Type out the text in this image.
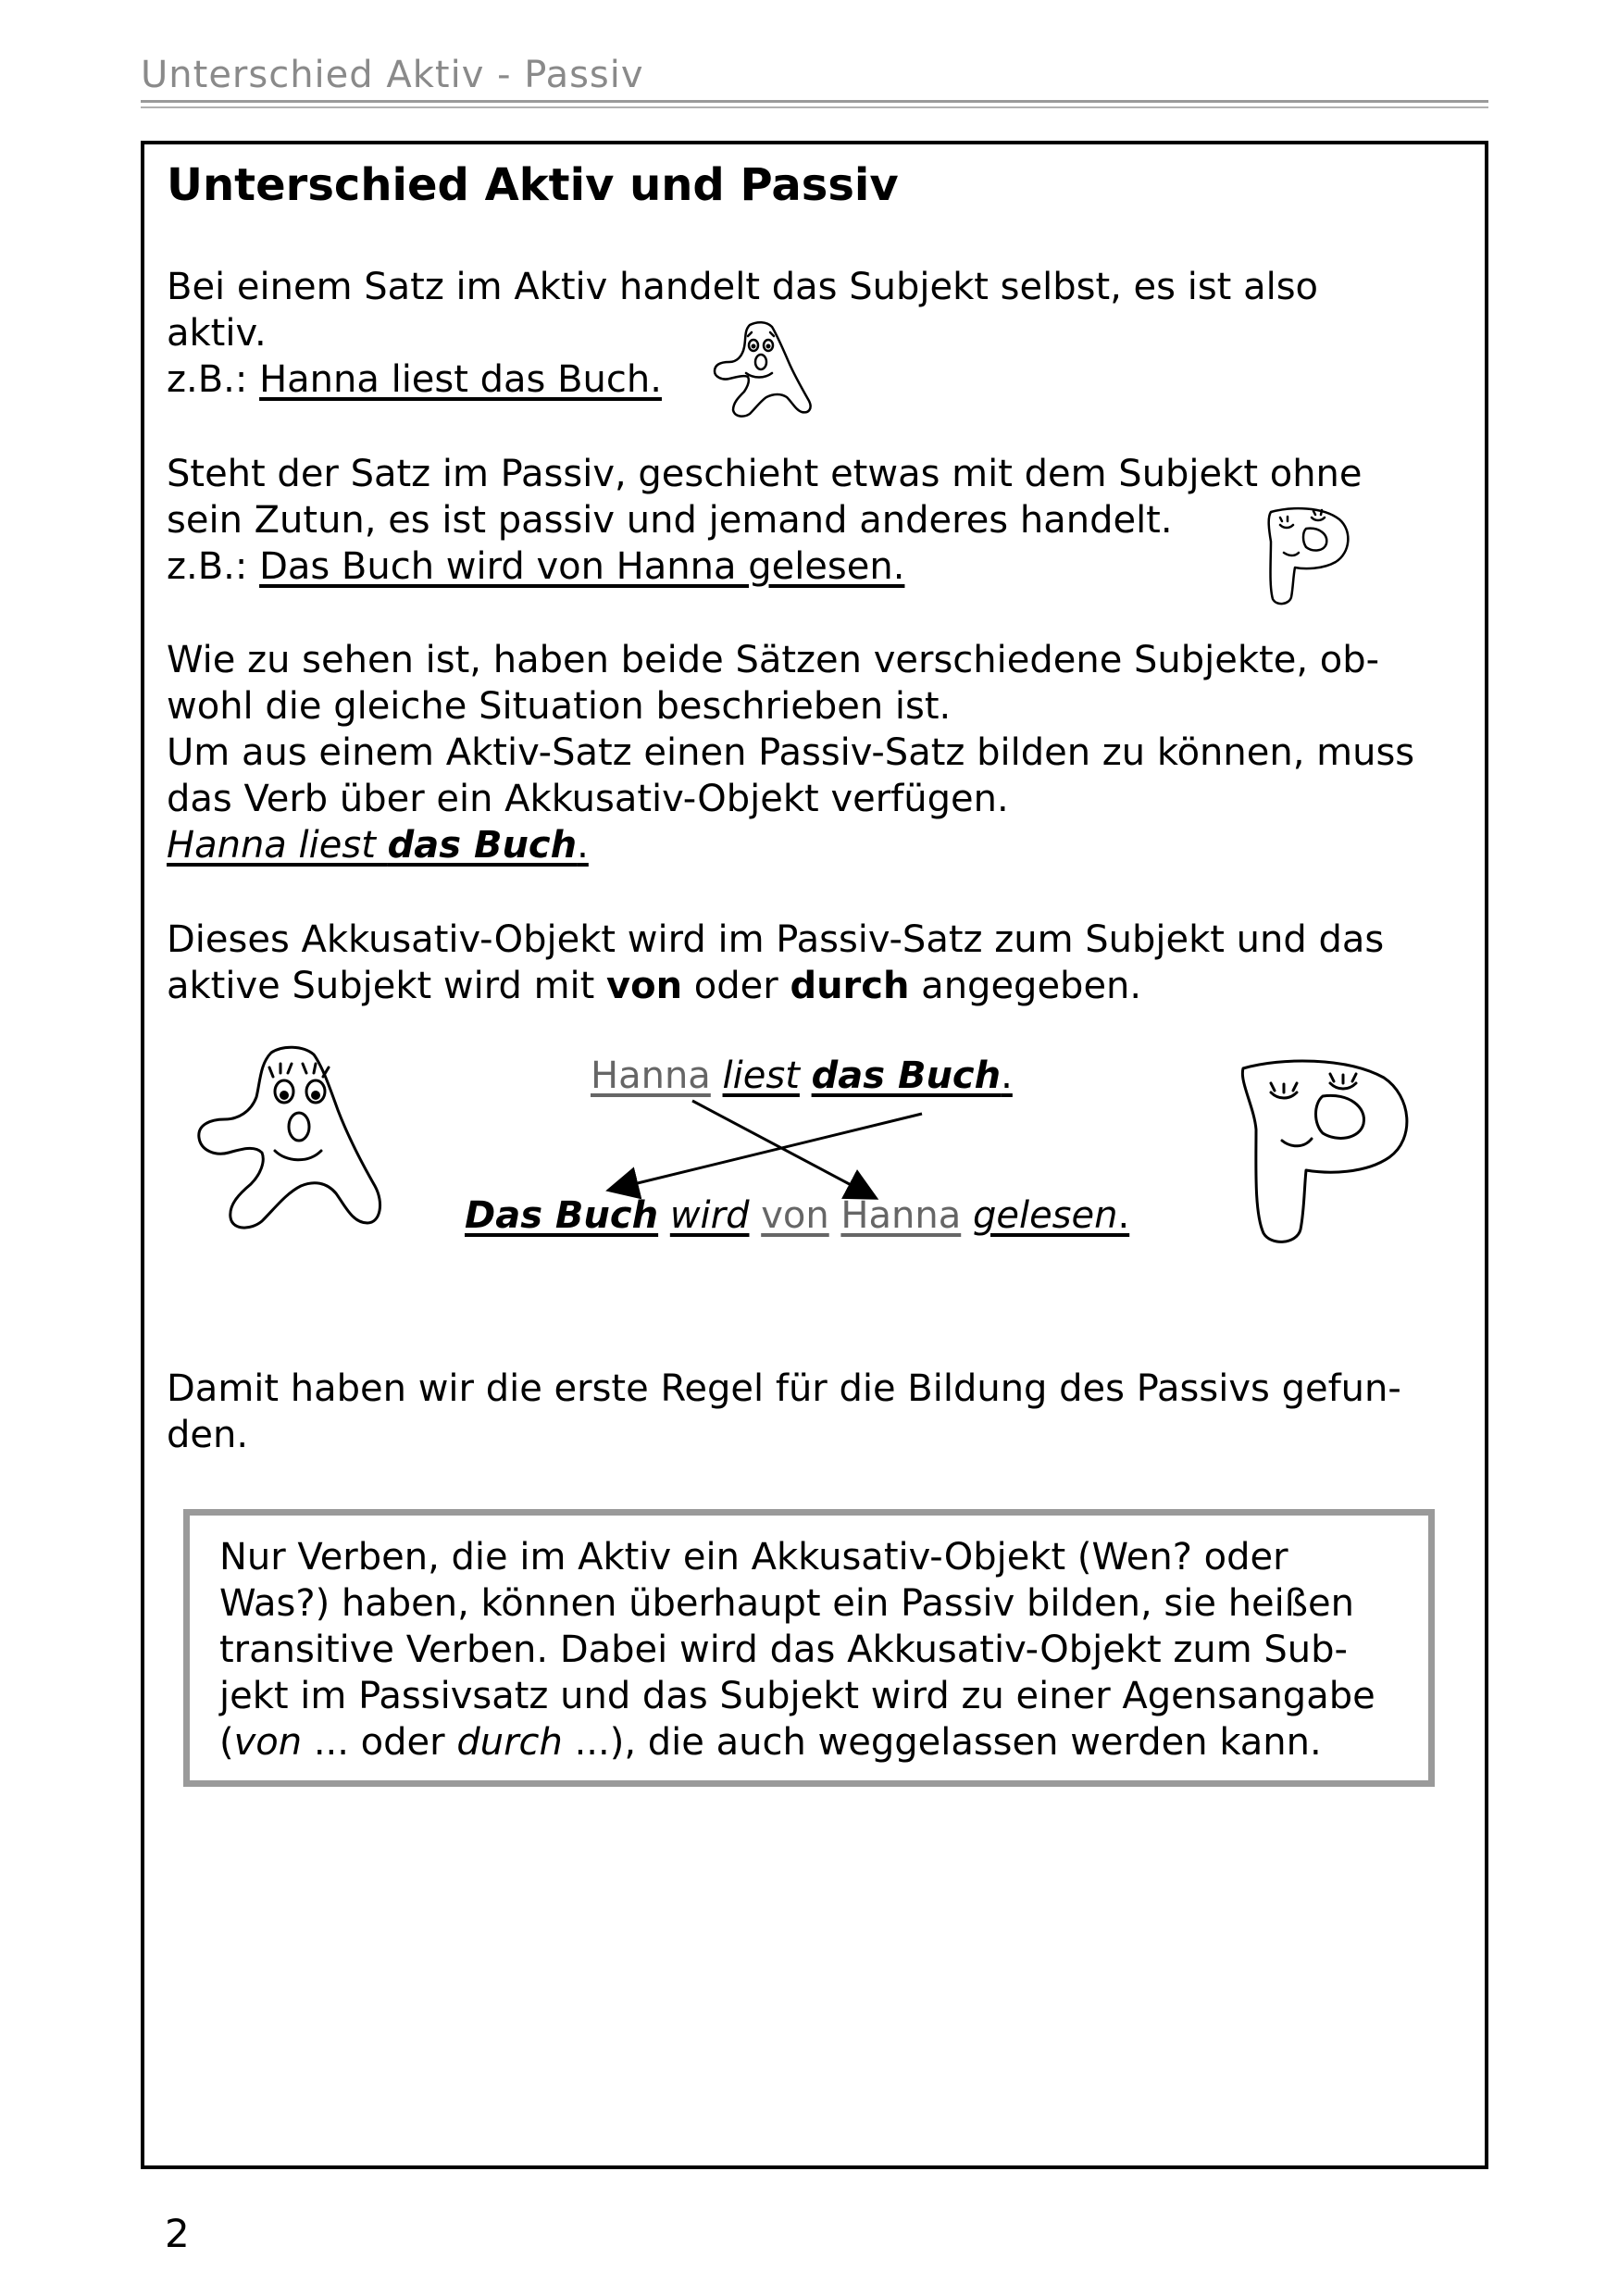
Unterschied Aktiv - Passiv
Unterschied Aktiv und Passiv

Bei einem Satz im Aktiv handelt das Subjekt selbst, es ist also

aktiv.

z.B.: Hanna liest das Buch.

Steht der Satz im Passiv, geschieht etwas mit dem Subjekt ohne

sein Zutun, es ist passiv und jemand anderes handelt.

z.B.: Das Buch wird von Hanna gelesen.

Wie zu sehen ist, haben beide Sätzen verschiedene Subjekte, ob-

wohl die gleiche Situation beschrieben ist.

Um aus einem Aktiv-Satz einen Passiv-Satz bilden zu können, muss

das Verb über ein Akkusativ-Objekt verfügen.

Hanna liest das Buch.

Dieses Akkusativ-Objekt wird im Passiv-Satz zum Subjekt und das

aktive Subjekt wird mit von oder durch angegeben.

Hanna liest das Buch.
Das Buch wird von Hanna gelesen.

Damit haben wir die erste Regel für die Bildung des Passivs gefun-

den.

Nur Verben, die im Aktiv ein Akkusativ-Objekt (Wen? oder
Was?) haben, können überhaupt ein Passiv bilden, sie heißen
transitive Verben. Dabei wird das Akkusativ-Objekt zum Sub-
jekt im Passivsatz und das Subjekt wird zu einer Agensangabe
(von ... oder durch ...), die auch weggelassen werden kann.
2
